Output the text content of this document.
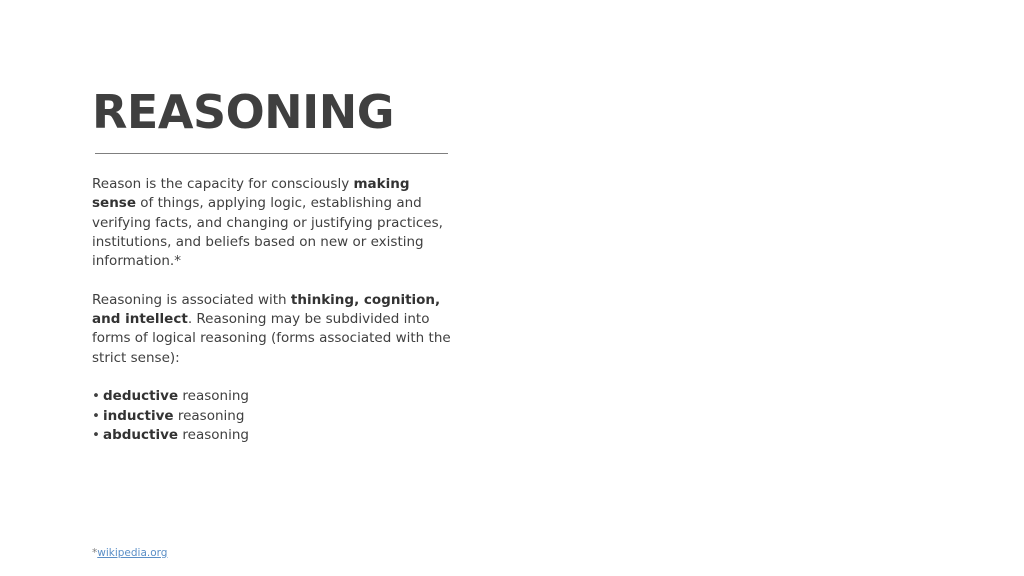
REASONING

Reason is the capacity for consciously making sense of things, applying logic, establishing and verifying facts, and changing or justifying practices, institutions, and beliefs based on new or existing information.*

Reasoning is associated with thinking, cognition, and intellect. Reasoning may be subdivided into forms of logical reasoning (forms associated with the strict sense):

• deductive reasoning
• inductive reasoning
• abductive reasoning
*wikipedia.org
